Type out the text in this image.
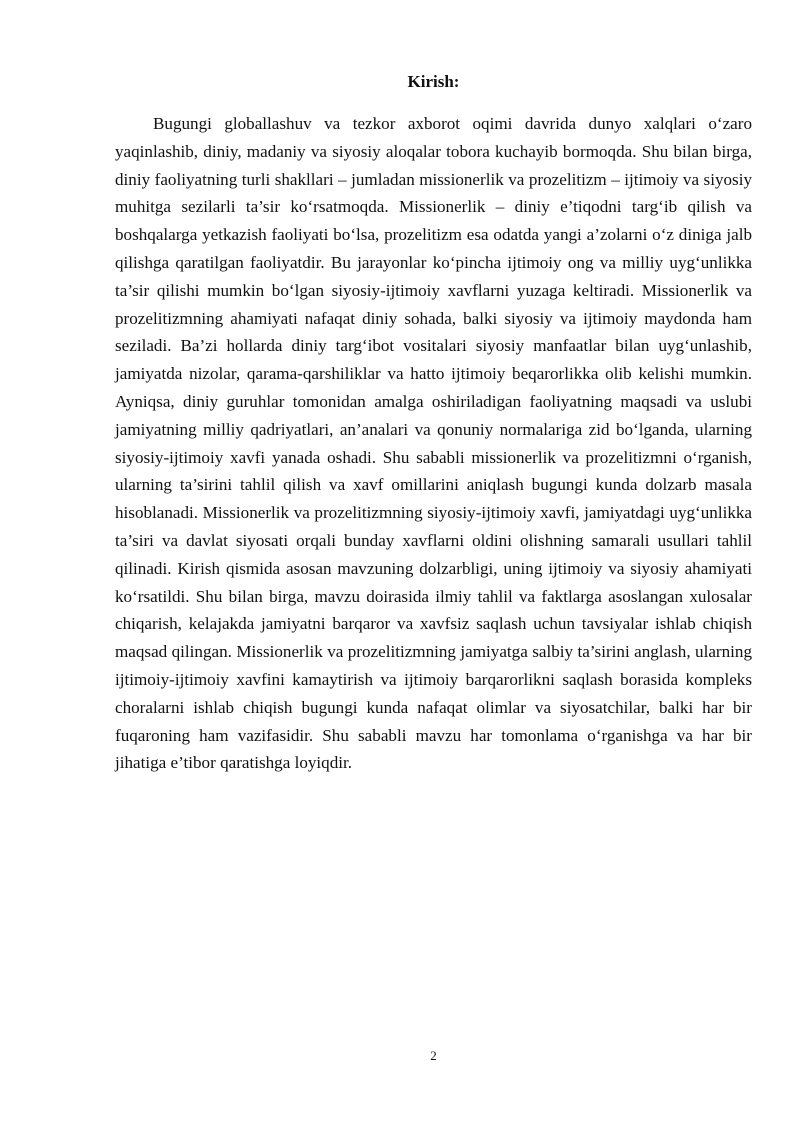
Kirish:

Bugungi globallashuv va tezkor axborot oqimi davrida dunyo xalqlari o‘zaro yaqinlashib, diniy, madaniy va siyosiy aloqalar tobora kuchayib bormoqda. Shu bilan birga, diniy faoliyatning turli shakllari – jumladan missionerlik va prozelitizm – ijtimoiy va siyosiy muhitga sezilarli ta’sir ko‘rsatmoqda. Missionerlik – diniy e’tiqodni targ‘ib qilish va boshqalarga yetkazish faoliyati bo‘lsa, prozelitizm esa odatda yangi a’zolarni o‘z diniga jalb qilishga qaratilgan faoliyatdir. Bu jarayonlar ko‘pincha ijtimoiy ong va milliy uyg‘unlikka ta’sir qilishi mumkin bo‘lgan siyosiy-ijtimoiy xavflarni yuzaga keltiradi. Missionerlik va prozelitizmning ahamiyati nafaqat diniy sohada, balki siyosiy va ijtimoiy maydonda ham seziladi. Ba’zi hollarda diniy targ‘ibot vositalari siyosiy manfaatlar bilan uyg‘unlashib, jamiyatda nizolar, qarama-qarshiliklar va hatto ijtimoiy beqarorlikka olib kelishi mumkin. Ayniqsa, diniy guruhlar tomonidan amalga oshiriladigan faoliyatning maqsadi va uslubi jamiyatning milliy qadriyatlari, an’analari va qonuniy normalariga zid bo‘lganda, ularning siyosiy-ijtimoiy xavfi yanada oshadi. Shu sababli missionerlik va prozelitizmni o‘rganish, ularning ta’sirini tahlil qilish va xavf omillarini aniqlash bugungi kunda dolzarb masala hisoblanadi. Missionerlik va prozelitizmning siyosiy-ijtimoiy xavfi, jamiyatdagi uyg‘unlikka ta’siri va davlat siyosati orqali bunday xavflarni oldini olishning samarali usullari tahlil qilinadi. Kirish qismida asosan mavzuning dolzarbligi, uning ijtimoiy va siyosiy ahamiyati ko‘rsatildi. Shu bilan birga, mavzu doirasida ilmiy tahlil va faktlarga asoslangan xulosalar chiqarish, kelajakda jamiyatni barqaror va xavfsiz saqlash uchun tavsiyalar ishlab chiqish maqsad qilingan. Missionerlik va prozelitizmning jamiyatga salbiy ta’sirini anglash, ularning ijtimoiy-ijtimoiy xavfini kamaytirish va ijtimoiy barqarorlikni saqlash borasida kompleks choralarni ishlab chiqish bugungi kunda nafaqat olimlar va siyosatchilar, balki har bir fuqaroning ham vazifasidir. Shu sababli mavzu har tomonlama o‘rganishga va har bir jihatiga e’tibor qaratishga loyiqdir.

2
